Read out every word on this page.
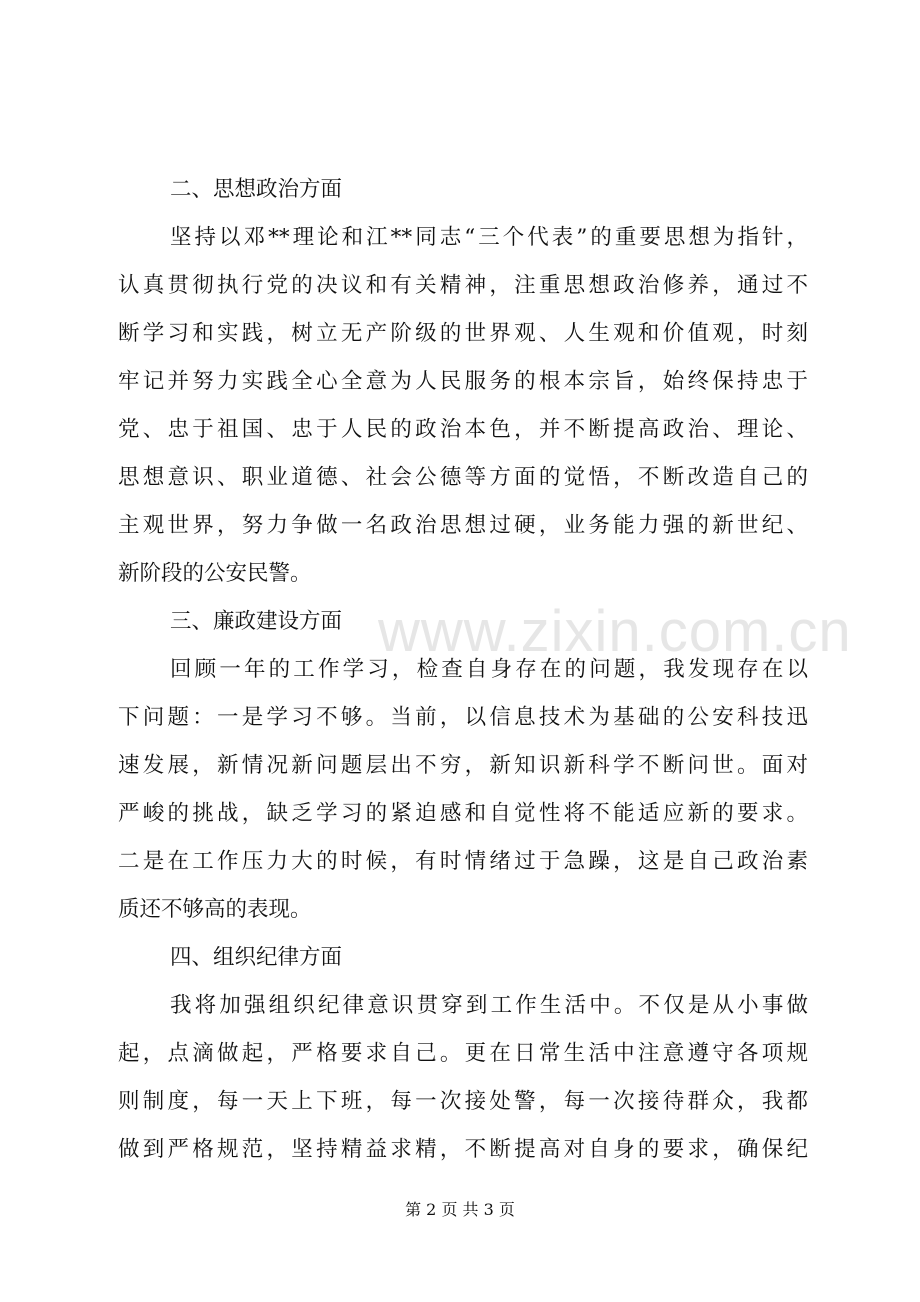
www.zixin.com.cn
二、思想政治方面
坚持以邓**理论和江**同志“三个代表”的重要思想为指针，
认真贯彻执行党的决议和有关精神，注重思想政治修养，通过不
断学习和实践，树立无产阶级的世界观、人生观和价值观，时刻
牢记并努力实践全心全意为人民服务的根本宗旨，始终保持忠于
党、忠于祖国、忠于人民的政治本色，并不断提高政治、理论、
思想意识、职业道德、社会公德等方面的觉悟，不断改造自己的
主观世界，努力争做一名政治思想过硬，业务能力强的新世纪、
新阶段的公安民警。
三、廉政建设方面
回顾一年的工作学习，检查自身存在的问题，我发现存在以
下问题：一是学习不够。当前，以信息技术为基础的公安科技迅
速发展，新情况新问题层出不穷，新知识新科学不断问世。面对
严峻的挑战，缺乏学习的紧迫感和自觉性将不能适应新的要求。
二是在工作压力大的时候，有时情绪过于急躁，这是自己政治素
质还不够高的表现。
四、组织纪律方面
我将加强组织纪律意识贯穿到工作生活中。不仅是从小事做
起，点滴做起，严格要求自己。更在日常生活中注意遵守各项规
则制度，每一天上下班，每一次接处警，每一次接待群众，我都
做到严格规范，坚持精益求精，不断提高对自身的要求，确保纪
第 2 页 共 3 页
